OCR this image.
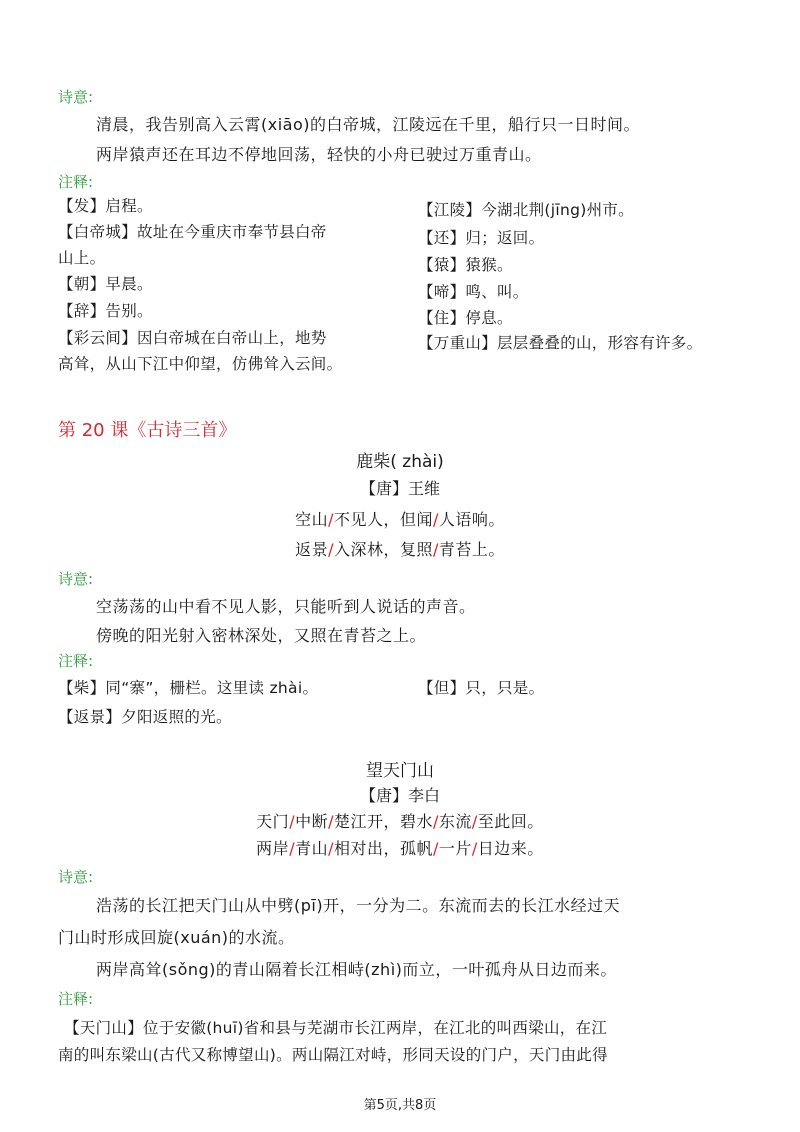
诗意:
清晨，我告别高入云霄(xiāo)的白帝城，江陵远在千里，船行只一日时间。
两岸猿声还在耳边不停地回荡，轻快的小舟已驶过万重青山。
注释:
【发】启程。
【白帝城】故址在今重庆市奉节县白帝
山上。
【朝】早晨。
【辞】告别。
【彩云间】因白帝城在白帝山上，地势
高耸，从山下江中仰望，仿佛耸入云间。
【江陵】今湖北荆(jīng)州市。
【还】归；返回。
【猿】猿猴。
【啼】鸣、叫。
【住】停息。
【万重山】层层叠叠的山，形容有许多。
第 20 课《古诗三首》
鹿柴( zhài)
【唐】王维
空山/不见人，但闻/人语响。
返景/入深林，复照/青苔上。
诗意:
空荡荡的山中看不见人影，只能听到人说话的声音。
傍晚的阳光射入密林深处，又照在青苔之上。
注释:
【柴】同“寨”，栅栏。这里读 zhài。
【返景】夕阳返照的光。
【但】只，只是。
望天门山
【唐】李白
天门/中断/楚江开，碧水/东流/至此回。
两岸/青山/相对出，孤帆/一片/日边来。
诗意:
浩荡的长江把天门山从中劈(pī)开，一分为二。东流而去的长江水经过天
门山时形成回旋(xuán)的水流。
两岸高耸(sǒng)的青山隔着长江相峙(zhì)而立，一叶孤舟从日边而来。
注释:
【天门山】位于安徽(huī)省和县与芜湖市长江两岸，在江北的叫西梁山，在江
南的叫东梁山(古代又称博望山)。两山隔江对峙，形同天设的门户，天门由此得
第5页,共8页
